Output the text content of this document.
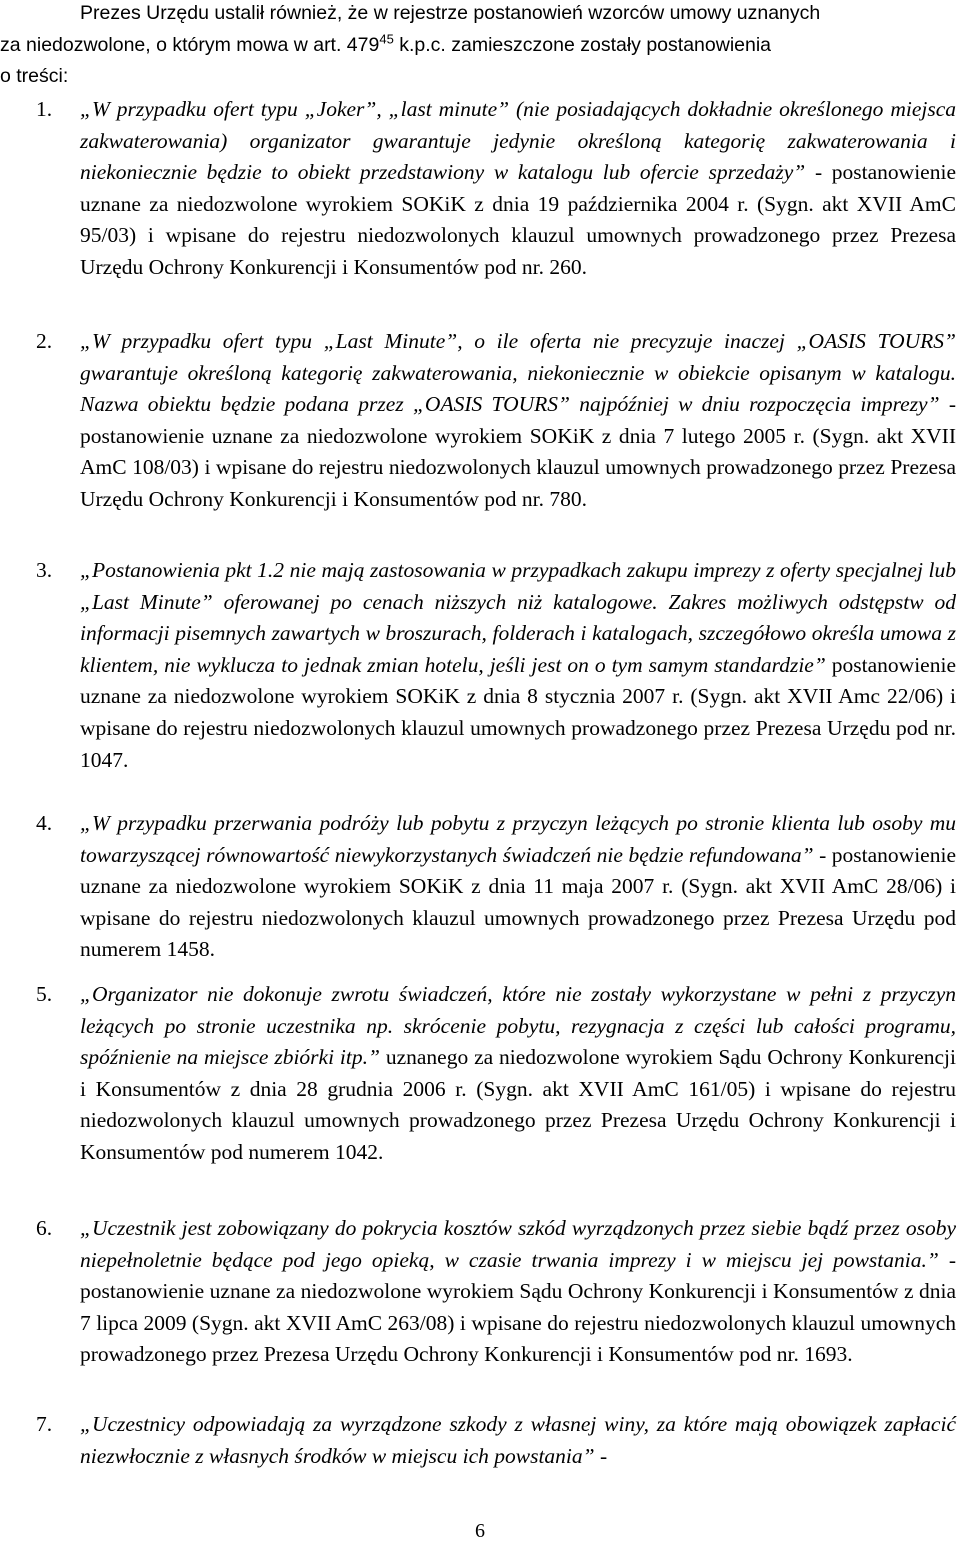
Prezes Urzędu ustalił również, że w rejestrze postanowień wzorców umowy uznanych
za niedozwolone, o którym mowa w art. $479^{45}$ k.p.c. zamieszczone zostały postanowienia
o treści:
1. „W przypadku ofert typu „Joker”, „last minute” (nie posiadających dokładnie określonego miejsca zakwaterowania) organizator gwarantuje jedynie określoną kategorię zakwaterowania i niekoniecznie będzie to obiekt przedstawiony w katalogu lub ofercie sprzedaży” - postanowienie uznane za niedozwolone wyrokiem SOKiK z dnia 19 października 2004 r. (Sygn. akt XVII AmC 95/03) i wpisane do rejestru niedozwolonych klauzul umownych prowadzonego przez Prezesa Urzędu Ochrony Konkurencji i Konsumentów pod nr. 260.
2. „W przypadku ofert typu „Last Minute”, o ile oferta nie precyzuje inaczej „OASIS TOURS” gwarantuje określoną kategorię zakwaterowania, niekoniecznie w obiekcie opisanym w katalogu. Nazwa obiektu będzie podana przez „OASIS TOURS” najpóźniej w dniu rozpoczęcia imprezy” - postanowienie uznane za niedozwolone wyrokiem SOKiK z dnia 7 lutego 2005 r. (Sygn. akt XVII AmC 108/03) i wpisane do rejestru niedozwolonych klauzul umownych prowadzonego przez Prezesa Urzędu Ochrony Konkurencji i Konsumentów pod nr. 780.
3. „Postanowienia pkt 1.2 nie mają zastosowania w przypadkach zakupu imprezy z oferty specjalnej lub „Last Minute” oferowanej po cenach niższych niż katalogowe. Zakres możliwych odstępstw od informacji pisemnych zawartych w broszurach, folderach i katalogach, szczegółowo określa umowa z klientem, nie wyklucza to jednak zmian hotelu, jeśli jest on o tym samym standardzie” postanowienie uznane za niedozwolone wyrokiem SOKiK z dnia 8 stycznia 2007 r. (Sygn. akt XVII Amc 22/06) i wpisane do rejestru niedozwolonych klauzul umownych prowadzonego przez Prezesa Urzędu pod nr. 1047.
4. „W przypadku przerwania podróży lub pobytu z przyczyn leżących po stronie klienta lub osoby mu towarzyszącej równowartość niewykorzystanych świadczeń nie będzie refundowana” - postanowienie uznane za niedozwolone wyrokiem SOKiK z dnia 11 maja 2007 r. (Sygn. akt XVII AmC 28/06) i wpisane do rejestru niedozwolonych klauzul umownych prowadzonego przez Prezesa Urzędu pod numerem 1458.
5. „Organizator nie dokonuje zwrotu świadczeń, które nie zostały wykorzystane w pełni z przyczyn leżących po stronie uczestnika np. skrócenie pobytu, rezygnacja z części lub całości programu, spóźnienie na miejsce zbiórki itp.” uznanego za niedozwolone wyrokiem Sądu Ochrony Konkurencji i Konsumentów z dnia 28 grudnia 2006 r. (Sygn. akt XVII AmC 161/05) i wpisane do rejestru niedozwolonych klauzul umownych prowadzonego przez Prezesa Urzędu Ochrony Konkurencji i Konsumentów pod numerem 1042.
6. „Uczestnik jest zobowiązany do pokrycia kosztów szkód wyrządzonych przez siebie bądź przez osoby niepełnoletnie będące pod jego opieką, w czasie trwania imprezy i w miejscu jej powstania.” - postanowienie uznane za niedozwolone wyrokiem Sądu Ochrony Konkurencji i Konsumentów z dnia 7 lipca 2009 (Sygn. akt XVII AmC 263/08) i wpisane do rejestru niedozwolonych klauzul umownych prowadzonego przez Prezesa Urzędu Ochrony Konkurencji i Konsumentów pod nr. 1693.
7. „Uczestnicy odpowiadają za wyrządzone szkody z własnej winy, za które mają obowiązek zapłacić niezwłocznie z własnych środków w miejscu ich powstania” -
6
